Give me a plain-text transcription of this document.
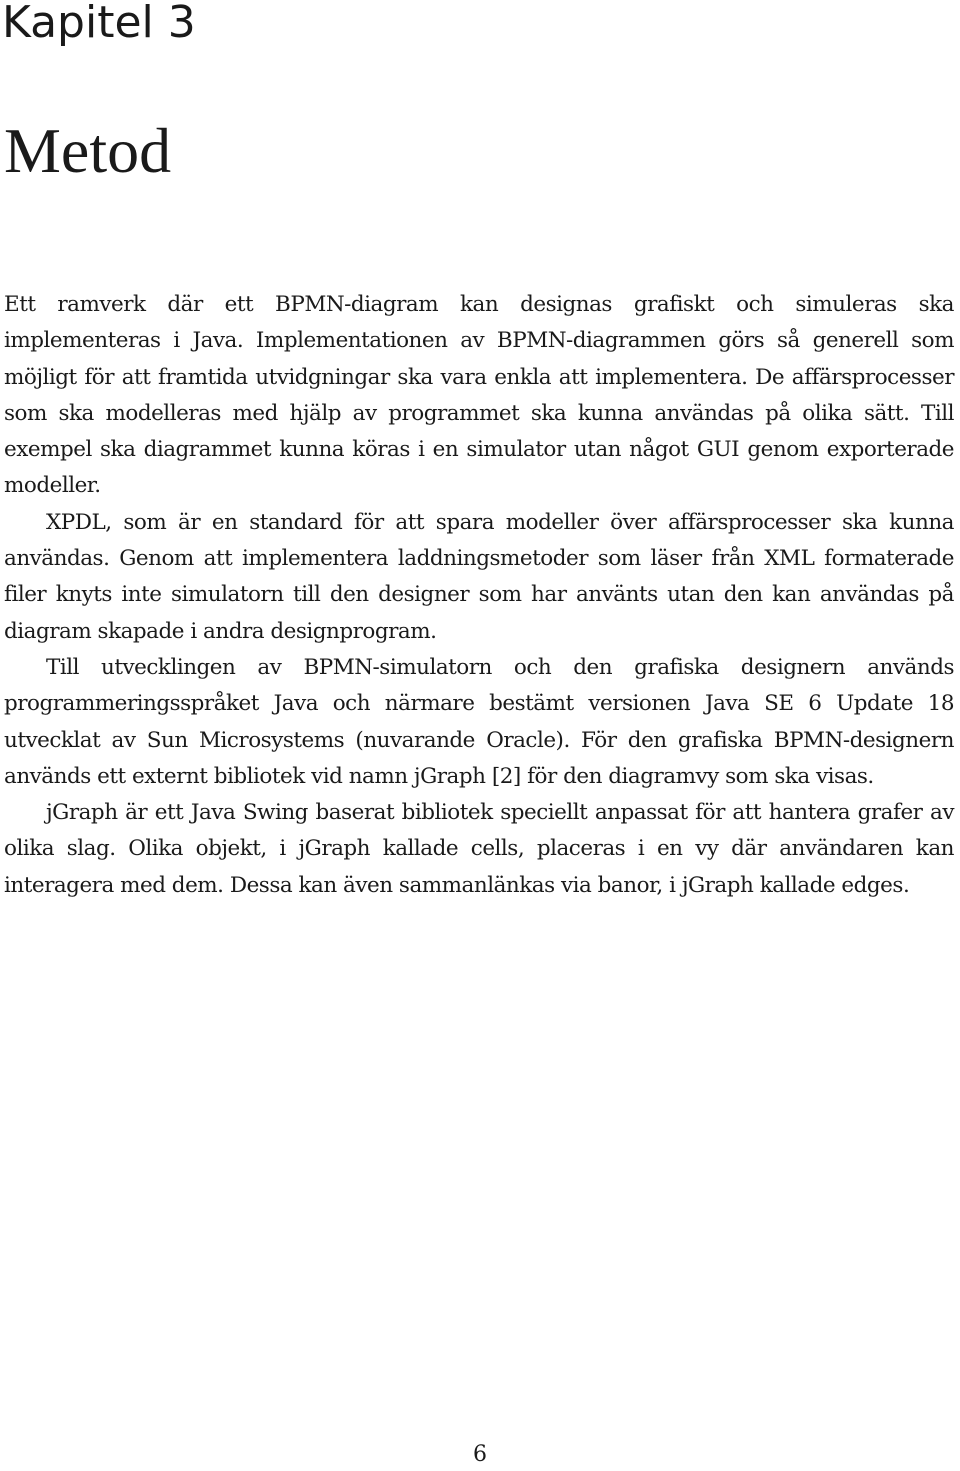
Kapitel 3
Metod

Ett ramverk där ett BPMN-diagram kan designas grafiskt och simuleras ska implementeras i Java. Implementationen av BPMN-diagrammen görs så generell som möjligt för att framtida utvidgningar ska vara enkla att implementera. De affärsprocesser som ska modelleras med hjälp av programmet ska kunna användas på olika sätt. Till exempel ska diagrammet kunna köras i en simulator utan något GUI genom exporterade modeller.

XPDL, som är en standard för att spara modeller över affärsprocesser ska kunna användas. Genom att implementera laddningsmetoder som läser från XML formaterade filer knyts inte simulatorn till den designer som har använts utan den kan användas på diagram skapade i andra designprogram.

Till utvecklingen av BPMN-simulatorn och den grafiska designern används programmeringsspråket Java och närmare bestämt versionen Java SE 6 Update 18 utvecklat av Sun Microsystems (nuvarande Oracle). För den grafiska BPMN-designern används ett externt bibliotek vid namn jGraph [2] för den diagramvy som ska visas.

jGraph är ett Java Swing baserat bibliotek speciellt anpassat för att hantera grafer av olika slag. Olika objekt, i jGraph kallade cells, placeras i en vy där användaren kan interagera med dem. Dessa kan även sammanlänkas via banor, i jGraph kallade edges.

6
